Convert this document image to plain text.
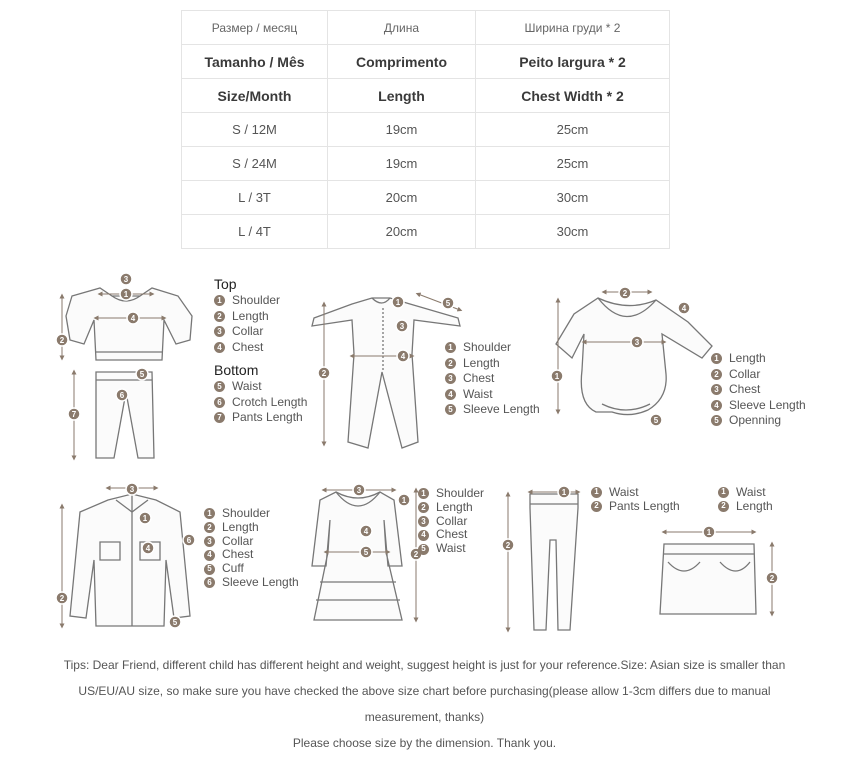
Размер / месяц	Длина	Ширина груди * 2
Tamanho / Mês	Comprimento	Peito largura * 2
Size/Month	Length	Chest Width * 2
S / 12M	19cm	25cm
S / 24M	19cm	25cm
L / 3T	20cm	30cm
L / 4T	20cm	30cm
3
1
4
2
5
6
7
1	5
3
4
2
2
4
3
1
5
3
1
4
6
2
5
3
1
4
5	2
1
2
1
2
Top
1 Shoulder
2 Length
3 Collar
4 Chest
Bottom
5 Waist
6 Crotch Length
7 Pants Length
1 Shoulder
2 Length
3 Chest
4 Waist
5 Sleeve Length
1 Length
2 Collar
3 Chest
4 Sleeve Length
5 Openning
1 Shoulder
2 Length
3 Collar
4 Chest
5 Cuff
6 Sleeve Length
1 Shoulder
2 Length
3 Collar
4 Chest
5 Waist
1 Waist
2 Pants Length
1 Waist
2 Length
Tips: Dear Friend, different child has different height and weight, suggest height is just for your reference.Size: Asian size is smaller than
US/EU/AU size, so make sure you have checked the above size chart before purchasing(please allow 1-3cm differs due to manual
measurement, thanks)
Please choose size by the dimension. Thank you.
